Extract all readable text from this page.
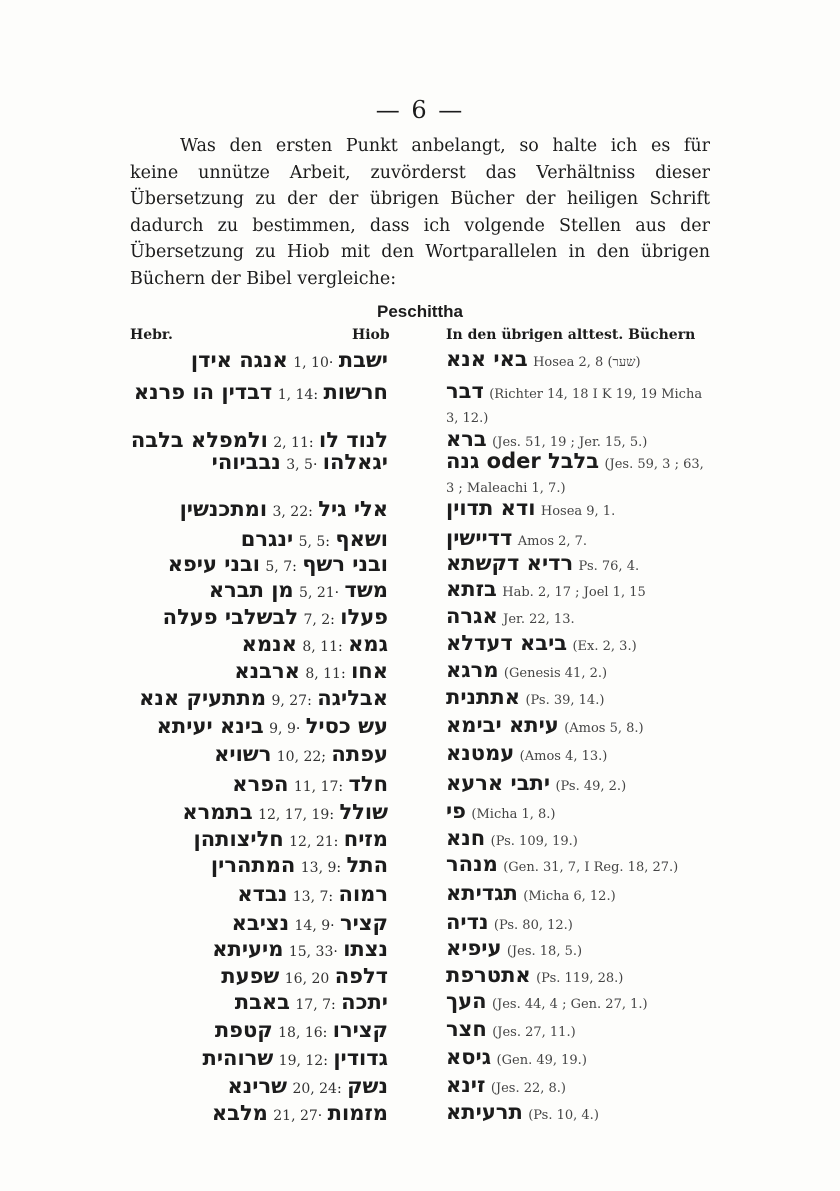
— 6 —

Was den ersten Punkt anbelangt, so halte ich es für
keine unnütze Arbeit, zuvörderst das Verhältniss dieser
Übersetzung zu der der übrigen Bücher der heiligen Schrift
dadurch zu bestimmen, dass ich volgende Stellen aus der
Übersetzung zu Hiob mit den Wortparallelen in den übrigen
Büchern der Bibel vergleiche:

Peschittha
Hebr.	Hiob	In den übrigen alttest. Büchern
אנגה אידן 1, 10· ישבת	באי אנא Hosea 2, 8 (שער)
דבדין הו פרנא 1, 14: חרשות	דבר (Richter 14, 18 I K 19, 19 Micha 3, 12.)
ולמפלא בלבה 2, 11: לנוד לו	ברא (Jes. 51, 19 ; Jer. 15, 5.)
נבביוהי 3, 5· יגאלהו	בלבל oder גנה (Jes. 59, 3 ; 63, 3 ; Maleachi 1, 7.)
ומתכנשין 3, 22: אלי גיל	ודא תדוין Hosea 9, 1.
ינגרם 5, 5: ושאף	דדיישין Amos 2, 7.
ובני עיפא 5, 7: ובני רשף	רדיא דקשתא Ps. 76, 4.
מן תברא 5, 21· משד	בזתא Hab. 2, 17 ; Joel 1, 15
לבשלבי פעלה 7, 2: פעלו	אגרה Jer. 22, 13.
אנמא 8, 11: גמא	ביבא דעדלא (Ex. 2, 3.)
ארבנא 8, 11: אחו	מרגא (Genesis 41, 2.)
מתתעיק אנא 9, 27: אבליגה	אתתנית (Ps. 39, 14.)
בינא יעיתא 9, 9· עש כסיל	עיתא יבימא (Amos 5, 8.)
רשויא 10, 22; עפתה	עמטנא (Amos 4, 13.)
הפרא 11, 17: חלד	יתבי ארעא (Ps. 49, 2.)
בתמרא 12, 17, 19: שולל	פי (Micha 1, 8.)
חליצותהן 12, 21: מזיח	חנא (Ps. 109, 19.)
המתהרין 13, 9: התל	מנהר (Gen. 31, 7, I Reg. 18, 27.)
נבדא 13, 7: רמוה	תגדיתא (Micha 6, 12.)
נציבא 14, 9· קציר	נדיה (Ps. 80, 12.)
מיעיתא 15, 33· נצתו	עיפיא (Jes. 18, 5.)
שפעת 16, 20 דלפה	אתטרפת (Ps. 119, 28.)
באבת 17, 7: יתכה	העך (Jes. 44, 4 ; Gen. 27, 1.)
קטפת 18, 16: קצירו	חצר (Jes. 27, 11.)
שרוהית 19, 12: גדודין	גיסא (Gen. 49, 19.)
שרינא 20, 24: נשק	זינא (Jes. 22, 8.)
מלבא 21, 27· מזמות	תרעיתא (Ps. 10, 4.)
